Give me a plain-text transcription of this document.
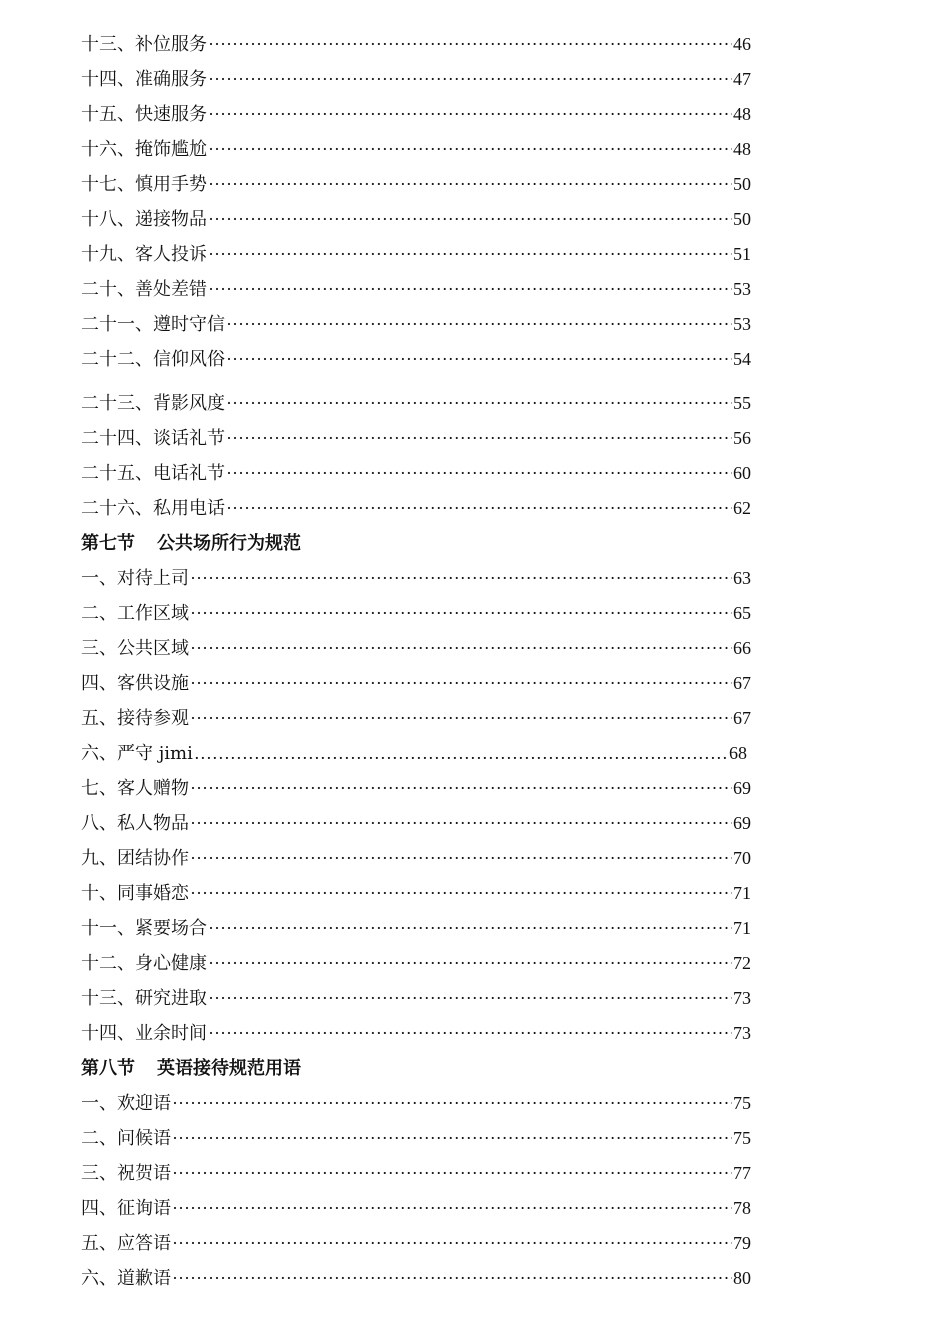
十三、补位服务 ·····	46
十四、准确服务 ·····	47
十五、快速服务 ·····	48
十六、掩饰尴尬 ·····	48
十七、慎用手势 ·····	50
十八、递接物品 ·····	50
十九、客人投诉 ·····	51
二十、善处差错 ·····	53
二十一、遵时守信 ·····	53
二十二、信仰风俗 ·····	54
二十三、背影风度 ·····	55
二十四、谈话礼节 ·····	56
二十五、电话礼节 ·····	60
二十六、私用电话 ·····	62
第七节 公共场所行为规范
一、对待上司 ·····	63
二、工作区域 ·····	65
三、公共区域 ·····	66
四、客供设施 ·····	67
五、接待参观 ·····	67
六、严守 jimi ……………………………………………………………………………………………………………………………………………………………………………………………	68
七、客人赠物 ·····	69
八、私人物品 ·····	69
九、团结协作 ·····	70
十、同事婚恋 ·····	71
十一、紧要场合 ·····	71
十二、身心健康 ·····	72
十三、研究进取 ·····	73
十四、业余时间 ·····	73
第八节 英语接待规范用语
一、欢迎语 ·····	75
二、问候语 ·····	75
三、祝贺语 ·····	77
四、征询语 ·····	78
五、应答语 ·····	79
六、道歉语 ·····	80
